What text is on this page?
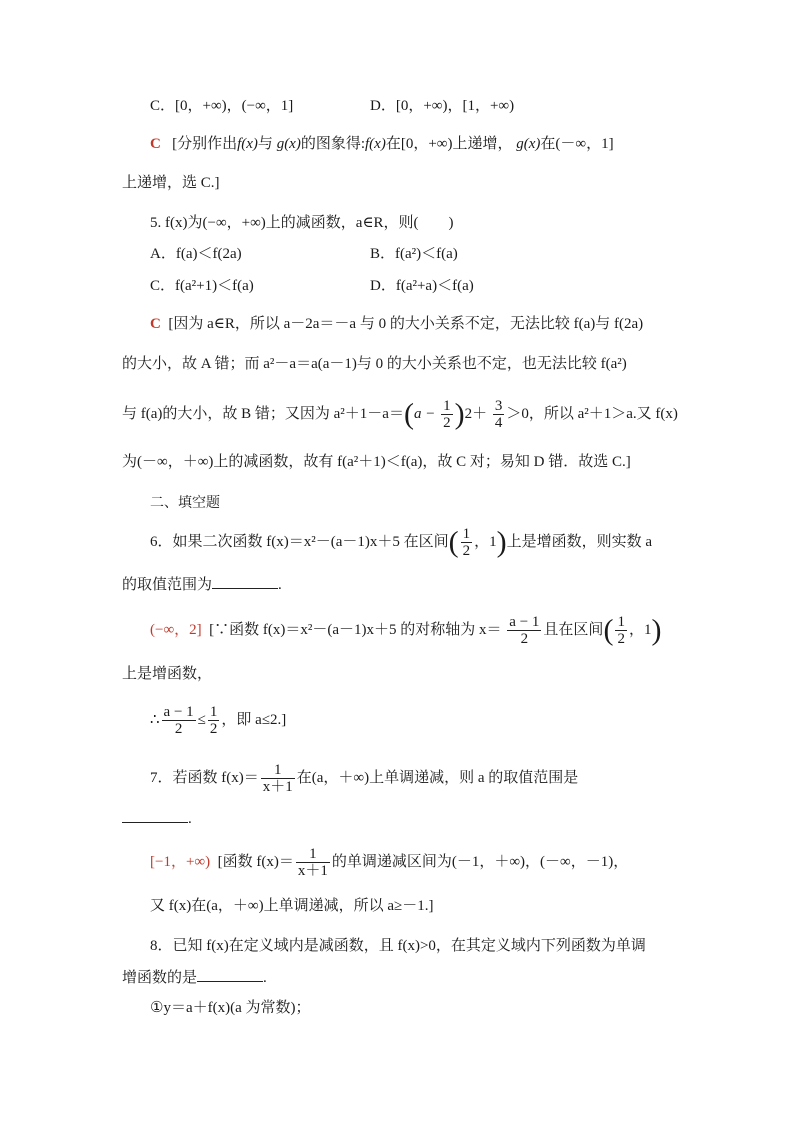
C．[0，+∞)，(−∞，1]	D．[0，+∞)，[1，+∞)
C [分别作出f(x)与 g(x)的图象得:f(x)在[0，+∞)上递增， g(x)在(－∞，1]
上递增，选 C.]
5. f(x)为(−∞，+∞)上的减函数，a∈R，则(　　)
A．f(a)＜f(2a)	B．f(a²)＜f(a)
C．f(a²+1)＜f(a)	D．f(a²+a)＜f(a)
C [因为 a∈R，所以 a－2a＝－a 与 0 的大小关系不定，无法比较 f(a)与 f(2a)
的大小，故 A 错；而 a²－a＝a(a－1)与 0 的大小关系也不定，也无法比较 f(a²)
与 f(a)的大小，故 B 错；又因为 $a^2+1-a=(a - \frac{1}{2} )2+ \frac{3}{4} >0$，所以 a²＋1＞a.又 f(x)
为(－∞，＋∞)上的减函数，故有 f(a²＋1)＜f(a)，故 C 对；易知 D 错．故选 C.]
二、填空题
6．如果二次函数 f(x)＝x²－(a－1)x＋5 在区间( $\frac{1}{2}$ ，1)上是增函数，则实数 a
的取值范围为	.
(−∞，2] [∵函数 f(x)＝x²－(a－1)x＋5 的对称轴为 $x= \frac{a - 1}{2}$ 且在区间( $\frac{1}{2}$ ，1)
上是增函数，
∴ $\frac{a - 1}{2} \le \frac{1}{2}$ ，即 a≤2.]
7．若函数 $f(x)= \frac{1}{x+1}$ 在(a，＋∞)上单调递减，则 a 的取值范围是
.
[−1，+∞) [函数 $f(x)= \frac{1}{x+1}$ 的单调递减区间为(－1，＋∞)，(－∞，－1)，
又 f(x)在(a，＋∞)上单调递减，所以 a≥－1.]
8．已知 f(x)在定义域内是减函数，且 f(x)>0，在其定义域内下列函数为单调
增函数的是	.
①y＝a＋f(x)(a 为常数)；
